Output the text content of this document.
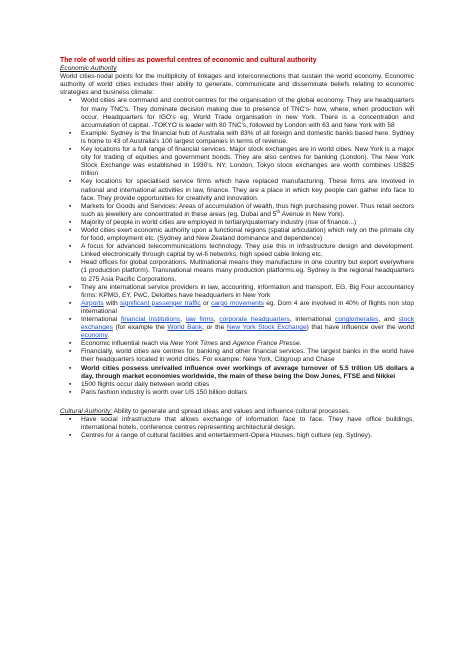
The role of world cities as powerful centres of economic and cultural authority

Economic Authority

World cities-nodal points for the multiplicity of linkages and interconnections that sustain the world economy. Economic authority of world cities includes their ability to generate, communicate and disseminate beliefs relating to economic strategies and business climate:

▪ World cities are command and control centres for the organisation of the global economy. They are headquarters for many TNC's. They dominate decision making due to presence of TNC's- how, where, when production will occur. Headquarters for IGO's eg. World Trade organisation in new York. There is a concentration and accumulation of capital. -TOKYO is leader with 80 TNC's, followed by London with 63 and New York with 58
▪ Example: Sydney is the financial hub of Australia with 83% of all foreign and domestic banks based here. Sydney is home to 43 of Australia's 100 largest companies in terms of revenue.
▪ Key locations for a full range of financial services. Major stock exchanges are in world cities. New York is a major city for trading of equities and government bonds. They are also centres for banking (London). The New York Stock Exchange was established in 1930's. NY, London, Tokyo stock exchanges are worth combines US$25 trillion
▪ Key locations for specialised service firms which have replaced manufacturing. These firms are involved in national and international activities in law, finance. They are a place in which key people can gather info face to face. They provide opportunities for creativity and innovation.
▪ Markets for Goods and Services: Areas of accumulation of wealth, thus high purchasing power. Thus retail sectors such as jewellery are concentrated in these areas (eg. Dubai and 5th Avenue in New York).
▪ Majority of people in world cities are employed in tertiary/quaternary industry (rise of finance...)
▪ World cities exert economic authority upon a functional regions (spatial articulation) which rely on the primate city for food, employment etc. (Sydney and New Zealand dominance and dependence)
▪ A focus for advanced telecommunications technology. They use this in infrastructure design and development. Linked electronically through capital by wi-fi networks, high speed cable linking etc.
▪ Head offices for global corporations. Multinational means they manufacture in one country but export everywhere (1 production platform). Transnational means many production platforms.eg. Sydney is the regional headquarters to 275 Asia Pacific Corporations.
▪ They are international service providers in law, accounting, information and transport. EG. Big Four accountancy firms: KPMG, EY, PwC, Deloittes have headquarters in New York
▪ Airports with significant passenger traffic or cargo movements eg. Dom 4 are involved in 40% of flights non stop international
▪ International financial institutions, law firms, corporate headquarters, international conglomerates, and stock exchanges (for example the World Bank, or the New York Stock Exchange) that have influence over the world economy.
▪ Economic influential reach via New York Times and Agence France Presse.
▪ Financially, world cities are centres for banking and other financial services. The largest banks in the world have their headquarters located in world cities. For example: New York, Citigroup and Chase
▪ World cities possess unrivalled influence over workings of average turnover of 5.5 trillion US dollars a day, through market economies worldwide, the main of these being the Dow Jones, FTSE and Nikkei
▪ 1500 flights occur daily between world cities
▪ Paris fashion industry is worth over US 150 billion dollars

Cultural Authority: Ability to generate and spread ideas and values and influence cultural processes.

▪ Have social infrastructure that allows exchange of information face to face. They have office buildings, international hotels, conference centres representing architectural design.
▪ Centres for a range of cultural facilities and entertainment-Opera Houses, high culture (eg. Sydney).
